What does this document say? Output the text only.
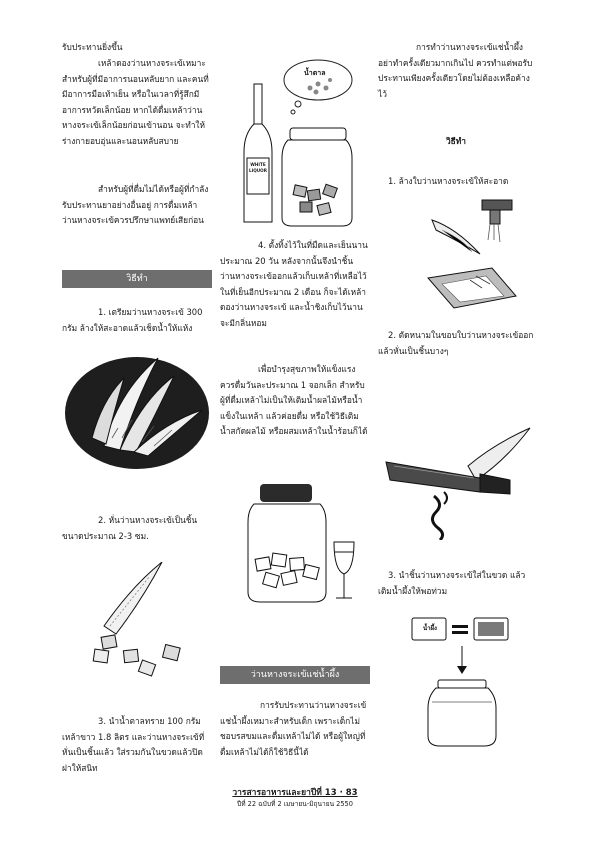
รับประทานยิ่งขึ้น

เหล้าดองว่านหางจระเข้เหมาะสำหรับผู้ที่มีอาการนอนหลับยาก และคนที่มีอาการมือเท้าเย็น หรือในเวลาที่รู้สึกมีอาการหวัดเล็กน้อย หากได้ดื่มเหล้าว่านหางจระเข้เล็กน้อยก่อนเข้านอน จะทำให้ร่างกายอบอุ่นและนอนหลับสบาย

สำหรับผู้ที่ดื่มไม่ได้หรือผู้ที่กำลังรับประทานยาอย่างอื่นอยู่ การดื่มเหล้าว่านหางจระเข้ควรปรึกษาแพทย์เสียก่อน

วิธีทำ

1. เตรียมว่านหางจระเข้ 300 กรัม ล้างให้สะอาดแล้วเช็ดน้ำให้แห้ง

2. หั่นว่านหางจระเข้เป็นชิ้นขนาดประมาณ 2-3 ซม.

3. นำน้ำตาลทราย 100 กรัม เหล้าขาว 1.8 ลิตร และว่านหางจระเข้ที่หั่นเป็นชิ้นแล้ว ใส่รวมกันในขวดแล้วปิดฝาให้สนิท

น้ำตาล
WHITE LIQUOR

4. ตั้งทิ้งไว้ในที่มืดและเย็นนานประมาณ 20 วัน หลังจากนั้นจึงนำชิ้นว่านหางจระเข้ออกแล้วเก็บเหล้าที่เหลือไว้ในที่เย็นอีกประมาณ 2 เดือน ก็จะได้เหล้าดองว่านหางจระเข้ และน้ำชิงเก็บไว้นานจะมีกลิ่นหอม

เพื่อบำรุงสุขภาพให้แข็งแรงควรดื่มวันละประมาณ 1 จอกเล็ก สำหรับผู้ที่ดื่มเหล้าไม่เป็นให้เติมน้ำผลไม้หรือน้ำแข็งในเหล้า แล้วค่อยดื่ม หรือใช้วิธีเติมน้ำสกัดผลไม้ หรือผสมเหล้าในน้ำร้อนก็ได้

ว่านหางจระเข้แช่น้ำผึ้ง

การรับประทานว่านหางจระเข้แช่น้ำผึ้งเหมาะสำหรับเด็ก เพราะเด็กไม่ชอบรสขมและดื่มเหล้าไม่ได้ หรือผู้ใหญ่ที่ดื่มเหล้าไม่ได้ก็ใช้วิธีนี้ได้

การทำว่านหางจระเข้แช่น้ำผึ้ง อย่าทำครั้งเดียวมากเกินไป ควรทำแต่พอรับประทานเพียงครั้งเดียวโดยไม่ต้องเหลือค้างไว้

วิธีทำ

1. ล้างใบว่านหางจระเข้ให้สะอาด

2. ตัดหนามในขอบใบว่านหางจระเข้ออก แล้วหั่นเป็นชิ้นบางๆ

3. นำชิ้นว่านหางจระเข้ใส่ในขวด แล้วเติมน้ำผึ้งให้พอท่วม

น้ำผึ้ง
วารสารอาหารและยาปีที่ 13 · 83
ปีที่ 22 ฉบับที่ 2 เมษายน-มิถุนายน 2550
